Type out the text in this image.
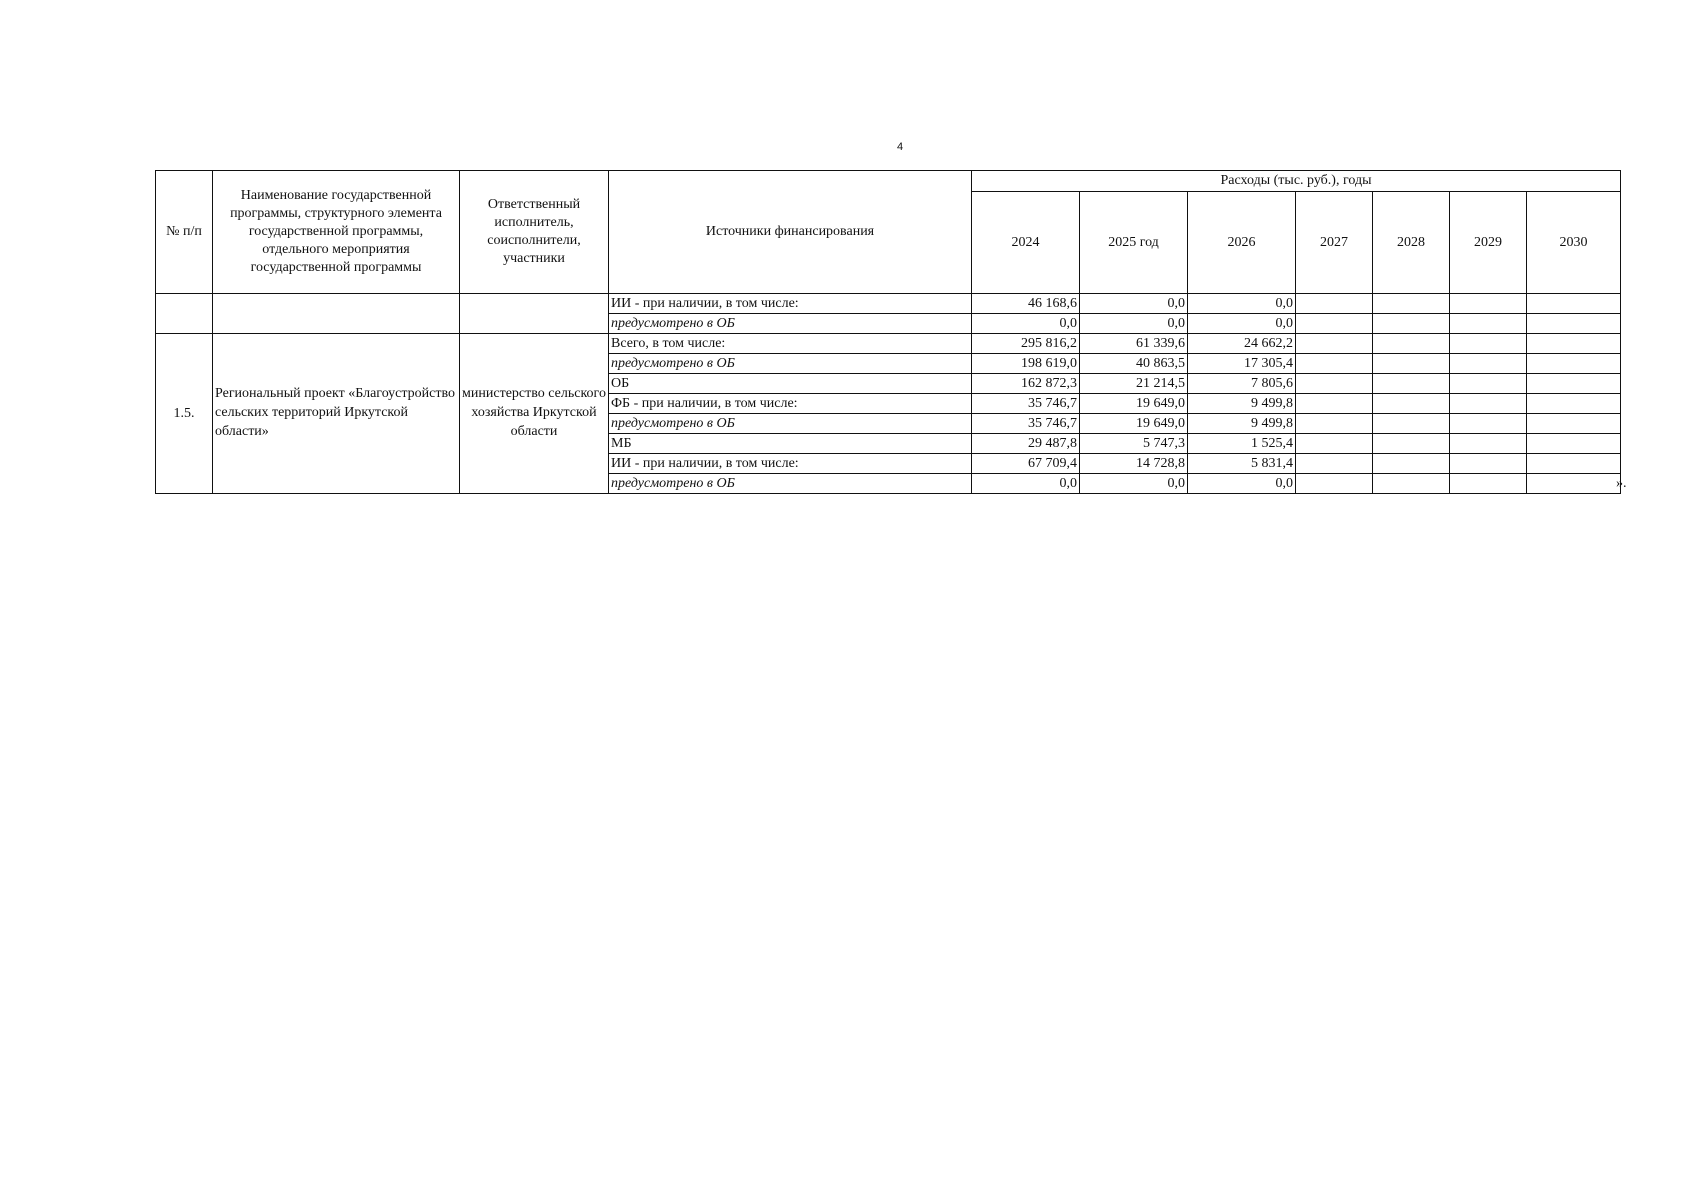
4
№ п/п	Наименование государственной программы, структурного элемента государственной программы, отдельного мероприятия государственной программы	Ответственный исполнитель, соисполнители, участники	Источники финансирования	Расходы (тыс. руб.), годы						
				2024	2025 год	2026	2027	2028	2029	2030
			ИИ - при наличии, в том числе:	46 168,6	0,0	0,0				
			предусмотрено в ОБ	0,0	0,0	0,0				
1.5.	Региональный проект «Благоустройство сельских территорий Иркутской области»	министерство сельского хозяйства Иркутской области	Всего, в том числе:	295 816,2	61 339,6	24 662,2				
			предусмотрено в ОБ	198 619,0	40 863,5	17 305,4				
			ОБ	162 872,3	21 214,5	7 805,6				
			ФБ - при наличии, в том числе:	35 746,7	19 649,0	9 499,8				
			предусмотрено в ОБ	35 746,7	19 649,0	9 499,8				
			МБ	29 487,8	5 747,3	1 525,4				
			ИИ - при наличии, в том числе:	67 709,4	14 728,8	5 831,4				
			предусмотрено в ОБ	0,0	0,0	0,0					».
